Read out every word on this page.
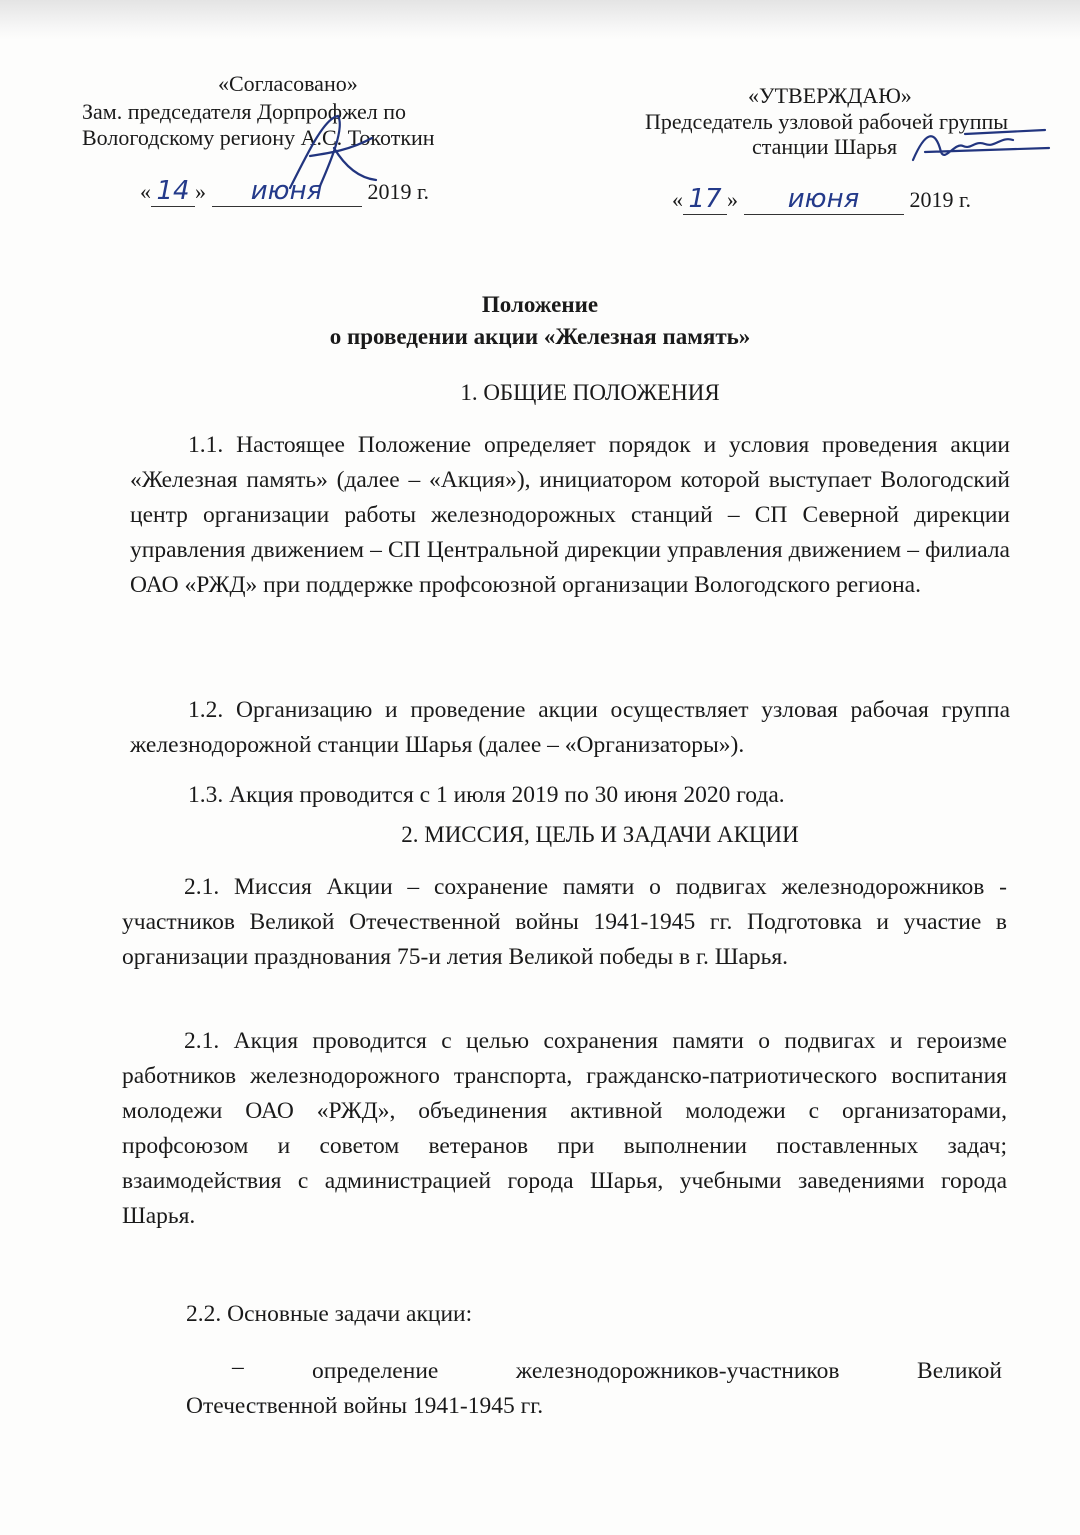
«Согласовано»
Зам. председателя Дорпрофжел по
Вологодскому региону А.С. Токоткин
« 14 » июня 2019 г.
«УТВЕРЖДАЮ»
Председатель узловой рабочей группы
станции Шарья
« 17 » июня 2019 г.
Положение
о проведении акции «Железная память»
1. ОБЩИЕ ПОЛОЖЕНИЯ
1.1. Настоящее Положение определяет порядок и условия проведения акции «Железная память» (далее – «Акция»), инициатором которой выступает Вологодский центр организации работы железнодорожных станций – СП Северной дирекции управления движением – СП Центральной дирекции управления движением – филиала ОАО «РЖД» при поддержке профсоюзной организации Вологодского региона.
1.2. Организацию и проведение акции осуществляет узловая рабочая группа железнодорожной станции Шарья (далее – «Организаторы»).
1.3. Акция проводится с 1 июля 2019 по 30 июня 2020 года.
2. МИССИЯ, ЦЕЛЬ И ЗАДАЧИ АКЦИИ
2.1. Миссия Акции – сохранение памяти о подвигах железнодорожников - участников Великой Отечественной войны 1941-1945 гг. Подготовка и участие в организации празднования 75-и летия Великой победы в г. Шарья.
2.1. Акция проводится с целью сохранения памяти о подвигах и героизме работников железнодорожного транспорта, гражданско-патриотического воспитания молодежи ОАО «РЖД», объединения активной молодежи с организаторами, профсоюзом и советом ветеранов при выполнении поставленных задач; взаимодействия с администрацией города Шарья, учебными заведениями города Шарья.
2.2. Основные задачи акции:
–	определение железнодорожников-участников Великой Отечественной войны 1941-1945 гг.
